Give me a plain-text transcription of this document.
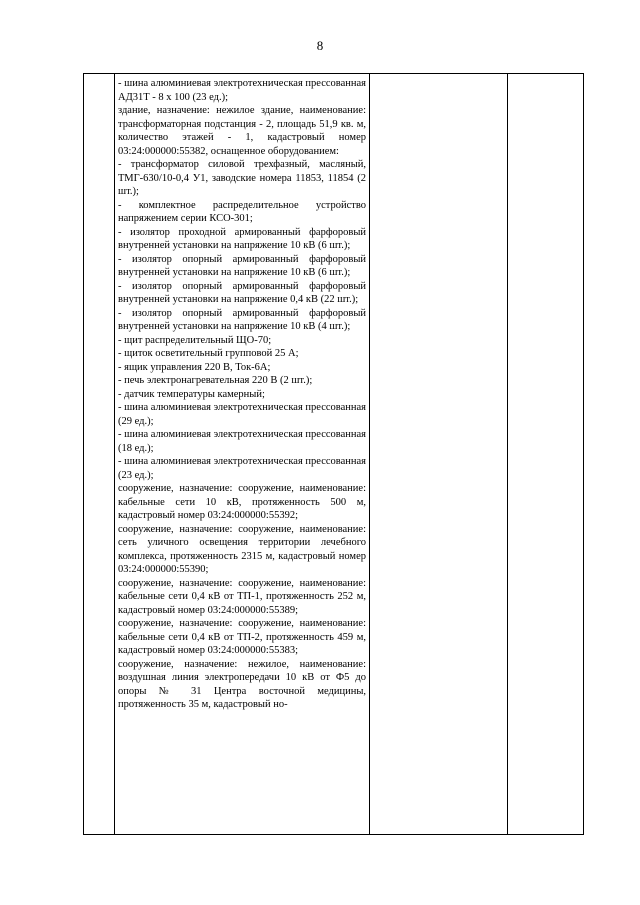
8

- шина алюминиевая электротехническая прессованная АД31Т - 8 х 100 (23 ед.);

здание, назначение: нежилое здание, наименование: трансформаторная подстанция - 2, площадь 51,9 кв. м, количество этажей - 1, кадастровый номер 03:24:000000:55382, оснащенное оборудованием:

- трансформатор силовой трехфазный, масляный, ТМГ-630/10-0,4 У1, заводские номера 11853, 11854 (2 шт.);

- комплектное распределительное устройство напряжением серии КСО-301;

- изолятор проходной армированный фарфоровый внутренней установки на напряжение 10 кВ (6 шт.);

- изолятор опорный армированный фарфоровый внутренней установки на напряжение 10 кВ (6 шт.);

- изолятор опорный армированный фарфоровый внутренней установки на напряжение 0,4 кВ (22 шт.);

- изолятор опорный армированный фарфоровый внутренней установки на напряжение 10 кВ (4 шт.);

- щит распределительный ЩО-70;

- щиток осветительный групповой 25 А;

- ящик управления 220 В, Ток-6А;

- печь электронагревательная 220 В (2 шт.);

- датчик температуры камерный;

- шина алюминиевая электротехническая прессованная (29 ед.);

- шина алюминиевая электротехническая прессованная (18 ед.);

- шина алюминиевая электротехническая прессованная (23 ед.);

сооружение, назначение: сооружение, наименование: кабельные сети 10 кВ, протяженность 500 м, кадастровый номер 03:24:000000:55392;

сооружение, назначение: сооружение, наименование: сеть уличного освещения территории лечебного комплекса, протяженность 2315 м, кадастровый номер 03:24:000000:55390;

сооружение, назначение: сооружение, наименование: кабельные сети 0,4 кВ от ТП-1, протяженность 252 м, кадастровый номер 03:24:000000:55389;

сооружение, назначение: сооружение, наименование: кабельные сети 0,4 кВ от ТП-2, протяженность 459 м, кадастровый номер 03:24:000000:55383;

сооружение, назначение: нежилое, наименование: воздушная линия электропередачи 10 кВ от Ф5 до опоры № 31 Центра восточной медицины, протяженность 35 м, кадастровый но-
